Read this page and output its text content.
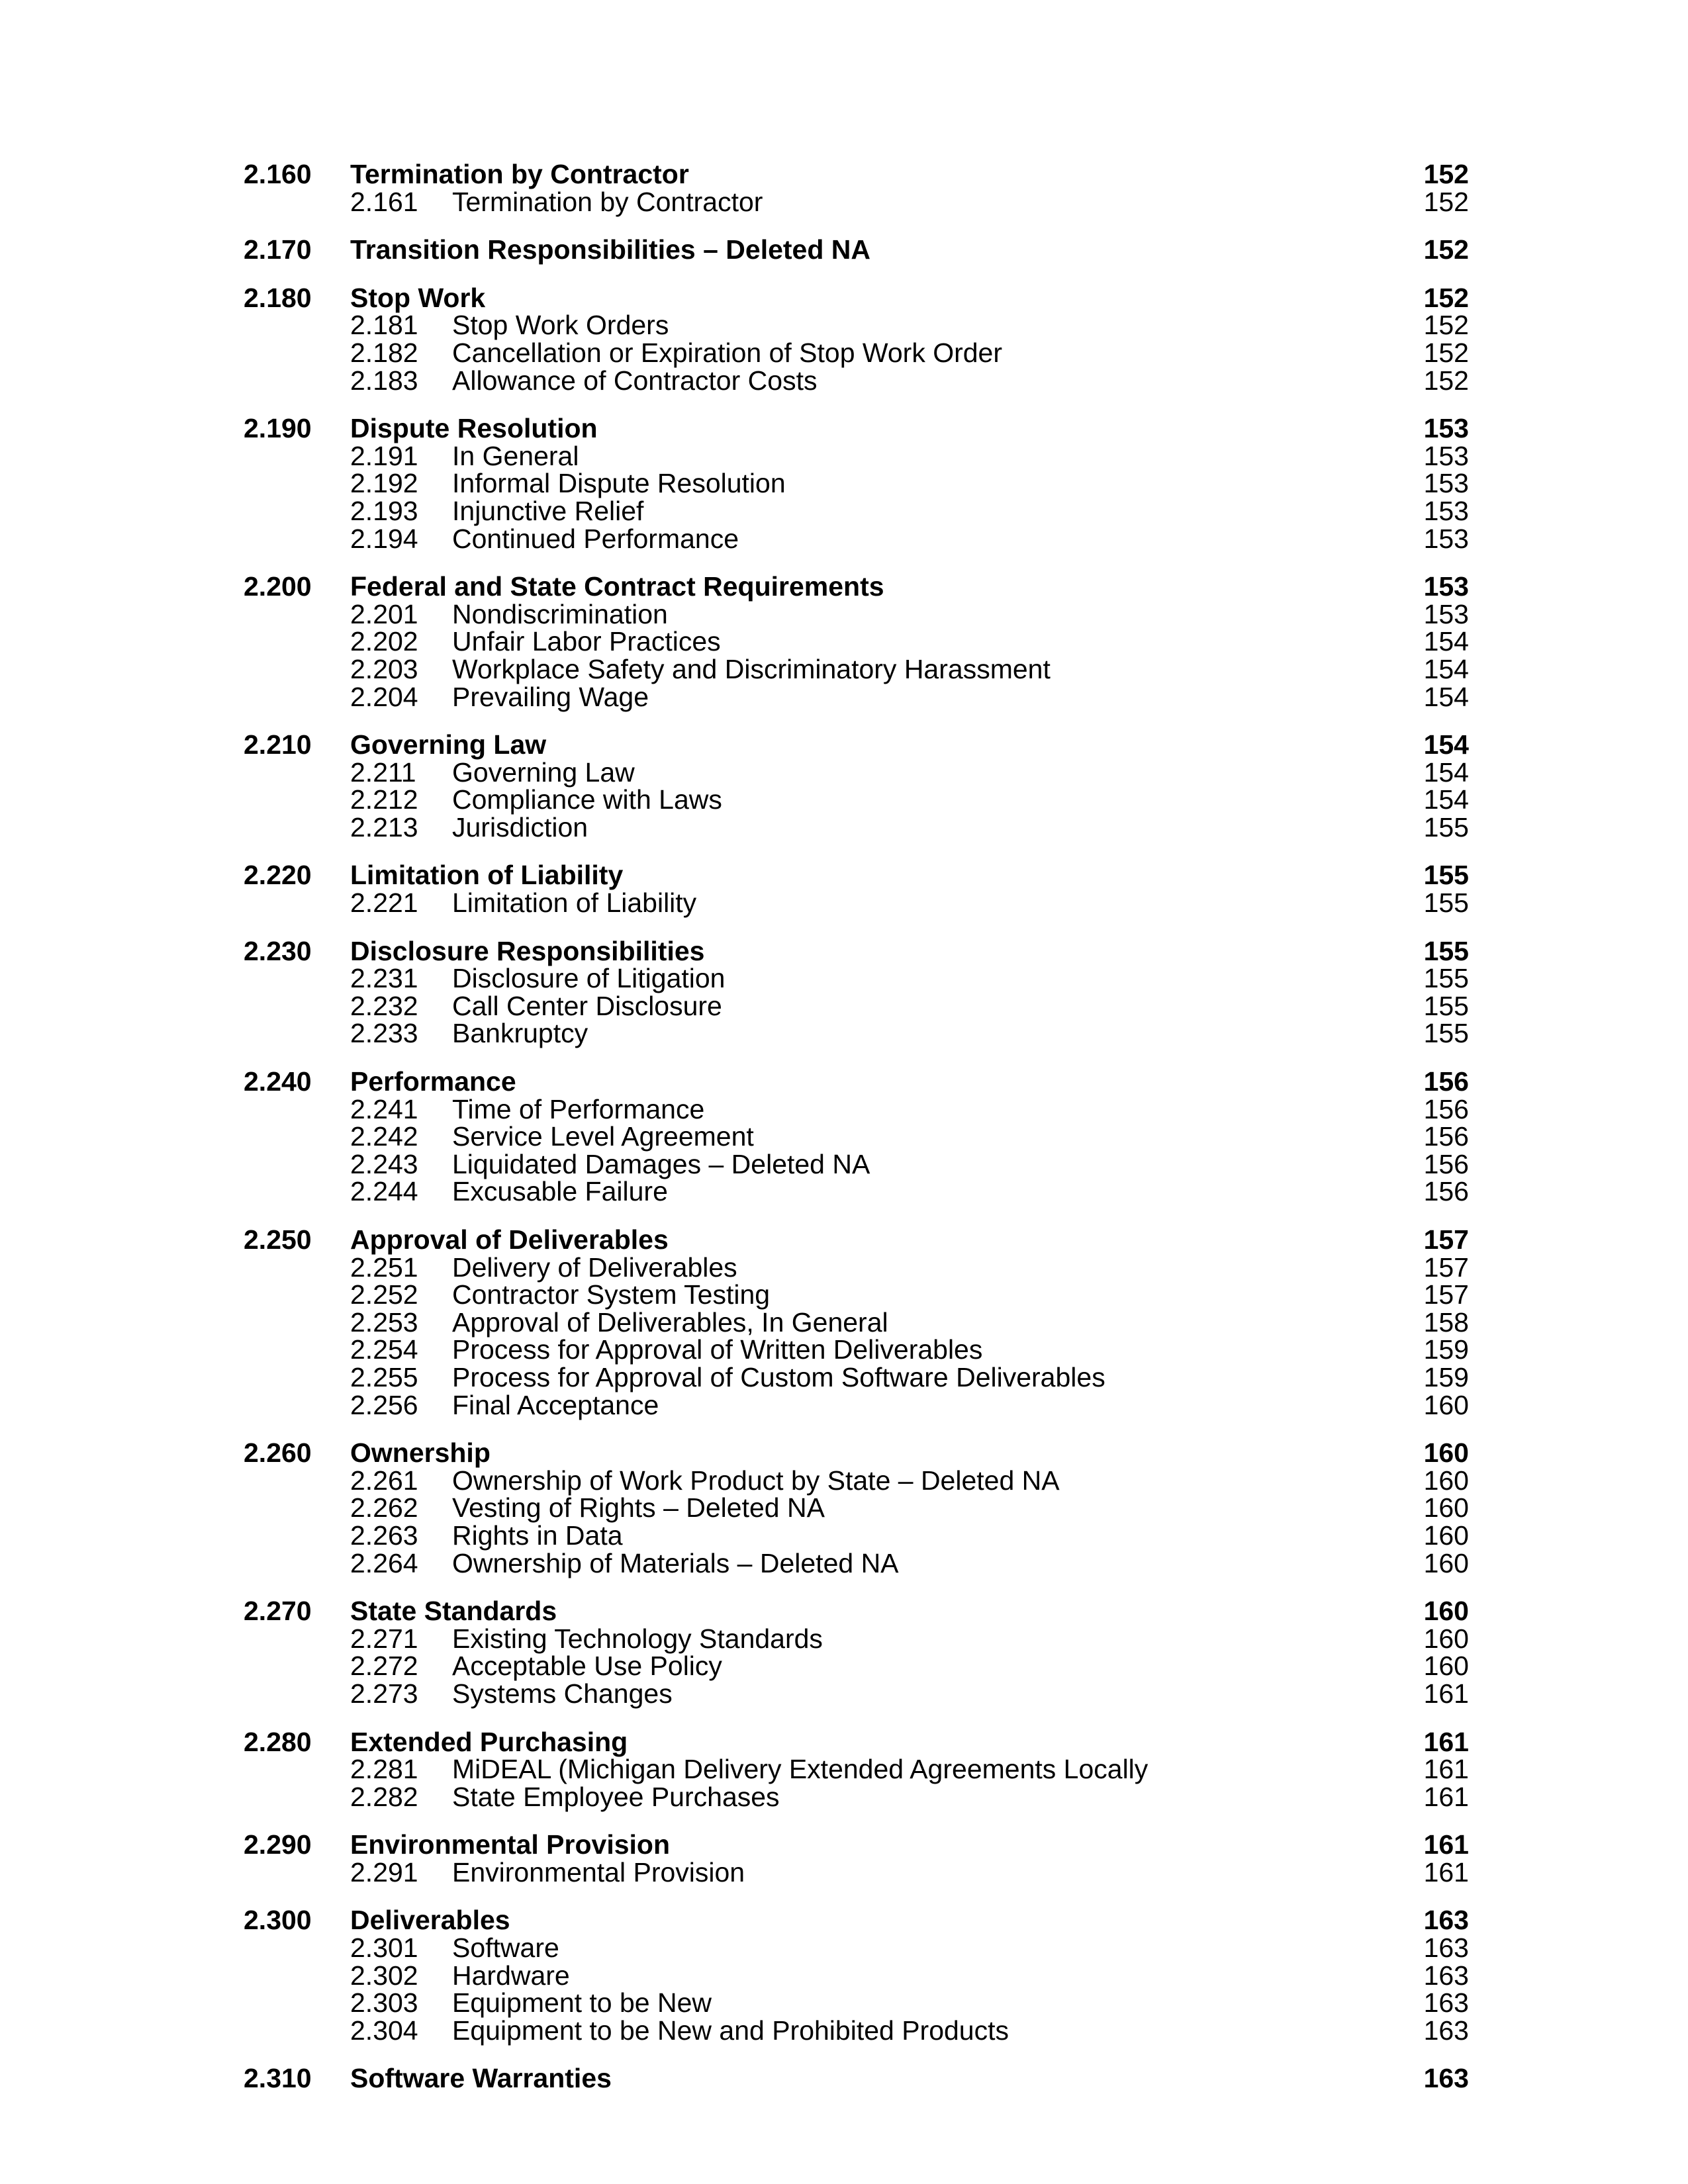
2.160 Termination by Contractor	152
2.161 Termination by Contractor	152
2.170 Transition Responsibilities – Deleted NA	152
2.180 Stop Work	152
2.181 Stop Work Orders	152
2.182 Cancellation or Expiration of Stop Work Order	152
2.183 Allowance of Contractor Costs	152
2.190 Dispute Resolution	153
2.191 In General	153
2.192 Informal Dispute Resolution	153
2.193 Injunctive Relief	153
2.194 Continued Performance	153
2.200 Federal and State Contract Requirements	153
2.201 Nondiscrimination	153
2.202 Unfair Labor Practices	154
2.203 Workplace Safety and Discriminatory Harassment	154
2.204 Prevailing Wage	154
2.210 Governing Law	154
2.211 Governing Law	154
2.212 Compliance with Laws	154
2.213 Jurisdiction	155
2.220 Limitation of Liability	155
2.221 Limitation of Liability	155
2.230 Disclosure Responsibilities	155
2.231 Disclosure of Litigation	155
2.232 Call Center Disclosure	155
2.233 Bankruptcy	155
2.240 Performance	156
2.241 Time of Performance	156
2.242 Service Level Agreement	156
2.243 Liquidated Damages – Deleted NA	156
2.244 Excusable Failure	156
2.250 Approval of Deliverables	157
2.251 Delivery of Deliverables	157
2.252 Contractor System Testing	157
2.253 Approval of Deliverables, In General	158
2.254 Process for Approval of Written Deliverables	159
2.255 Process for Approval of Custom Software Deliverables	159
2.256 Final Acceptance	160
2.260 Ownership	160
2.261 Ownership of Work Product by State – Deleted NA	160
2.262 Vesting of Rights – Deleted NA	160
2.263 Rights in Data	160
2.264 Ownership of Materials – Deleted NA	160
2.270 State Standards	160
2.271 Existing Technology Standards	160
2.272 Acceptable Use Policy	160
2.273 Systems Changes	161
2.280 Extended Purchasing	161
2.281 MiDEAL (Michigan Delivery Extended Agreements Locally	161
2.282 State Employee Purchases	161
2.290 Environmental Provision	161
2.291 Environmental Provision	161
2.300 Deliverables	163
2.301 Software	163
2.302 Hardware	163
2.303 Equipment to be New	163
2.304 Equipment to be New and Prohibited Products	163
2.310 Software Warranties	163
